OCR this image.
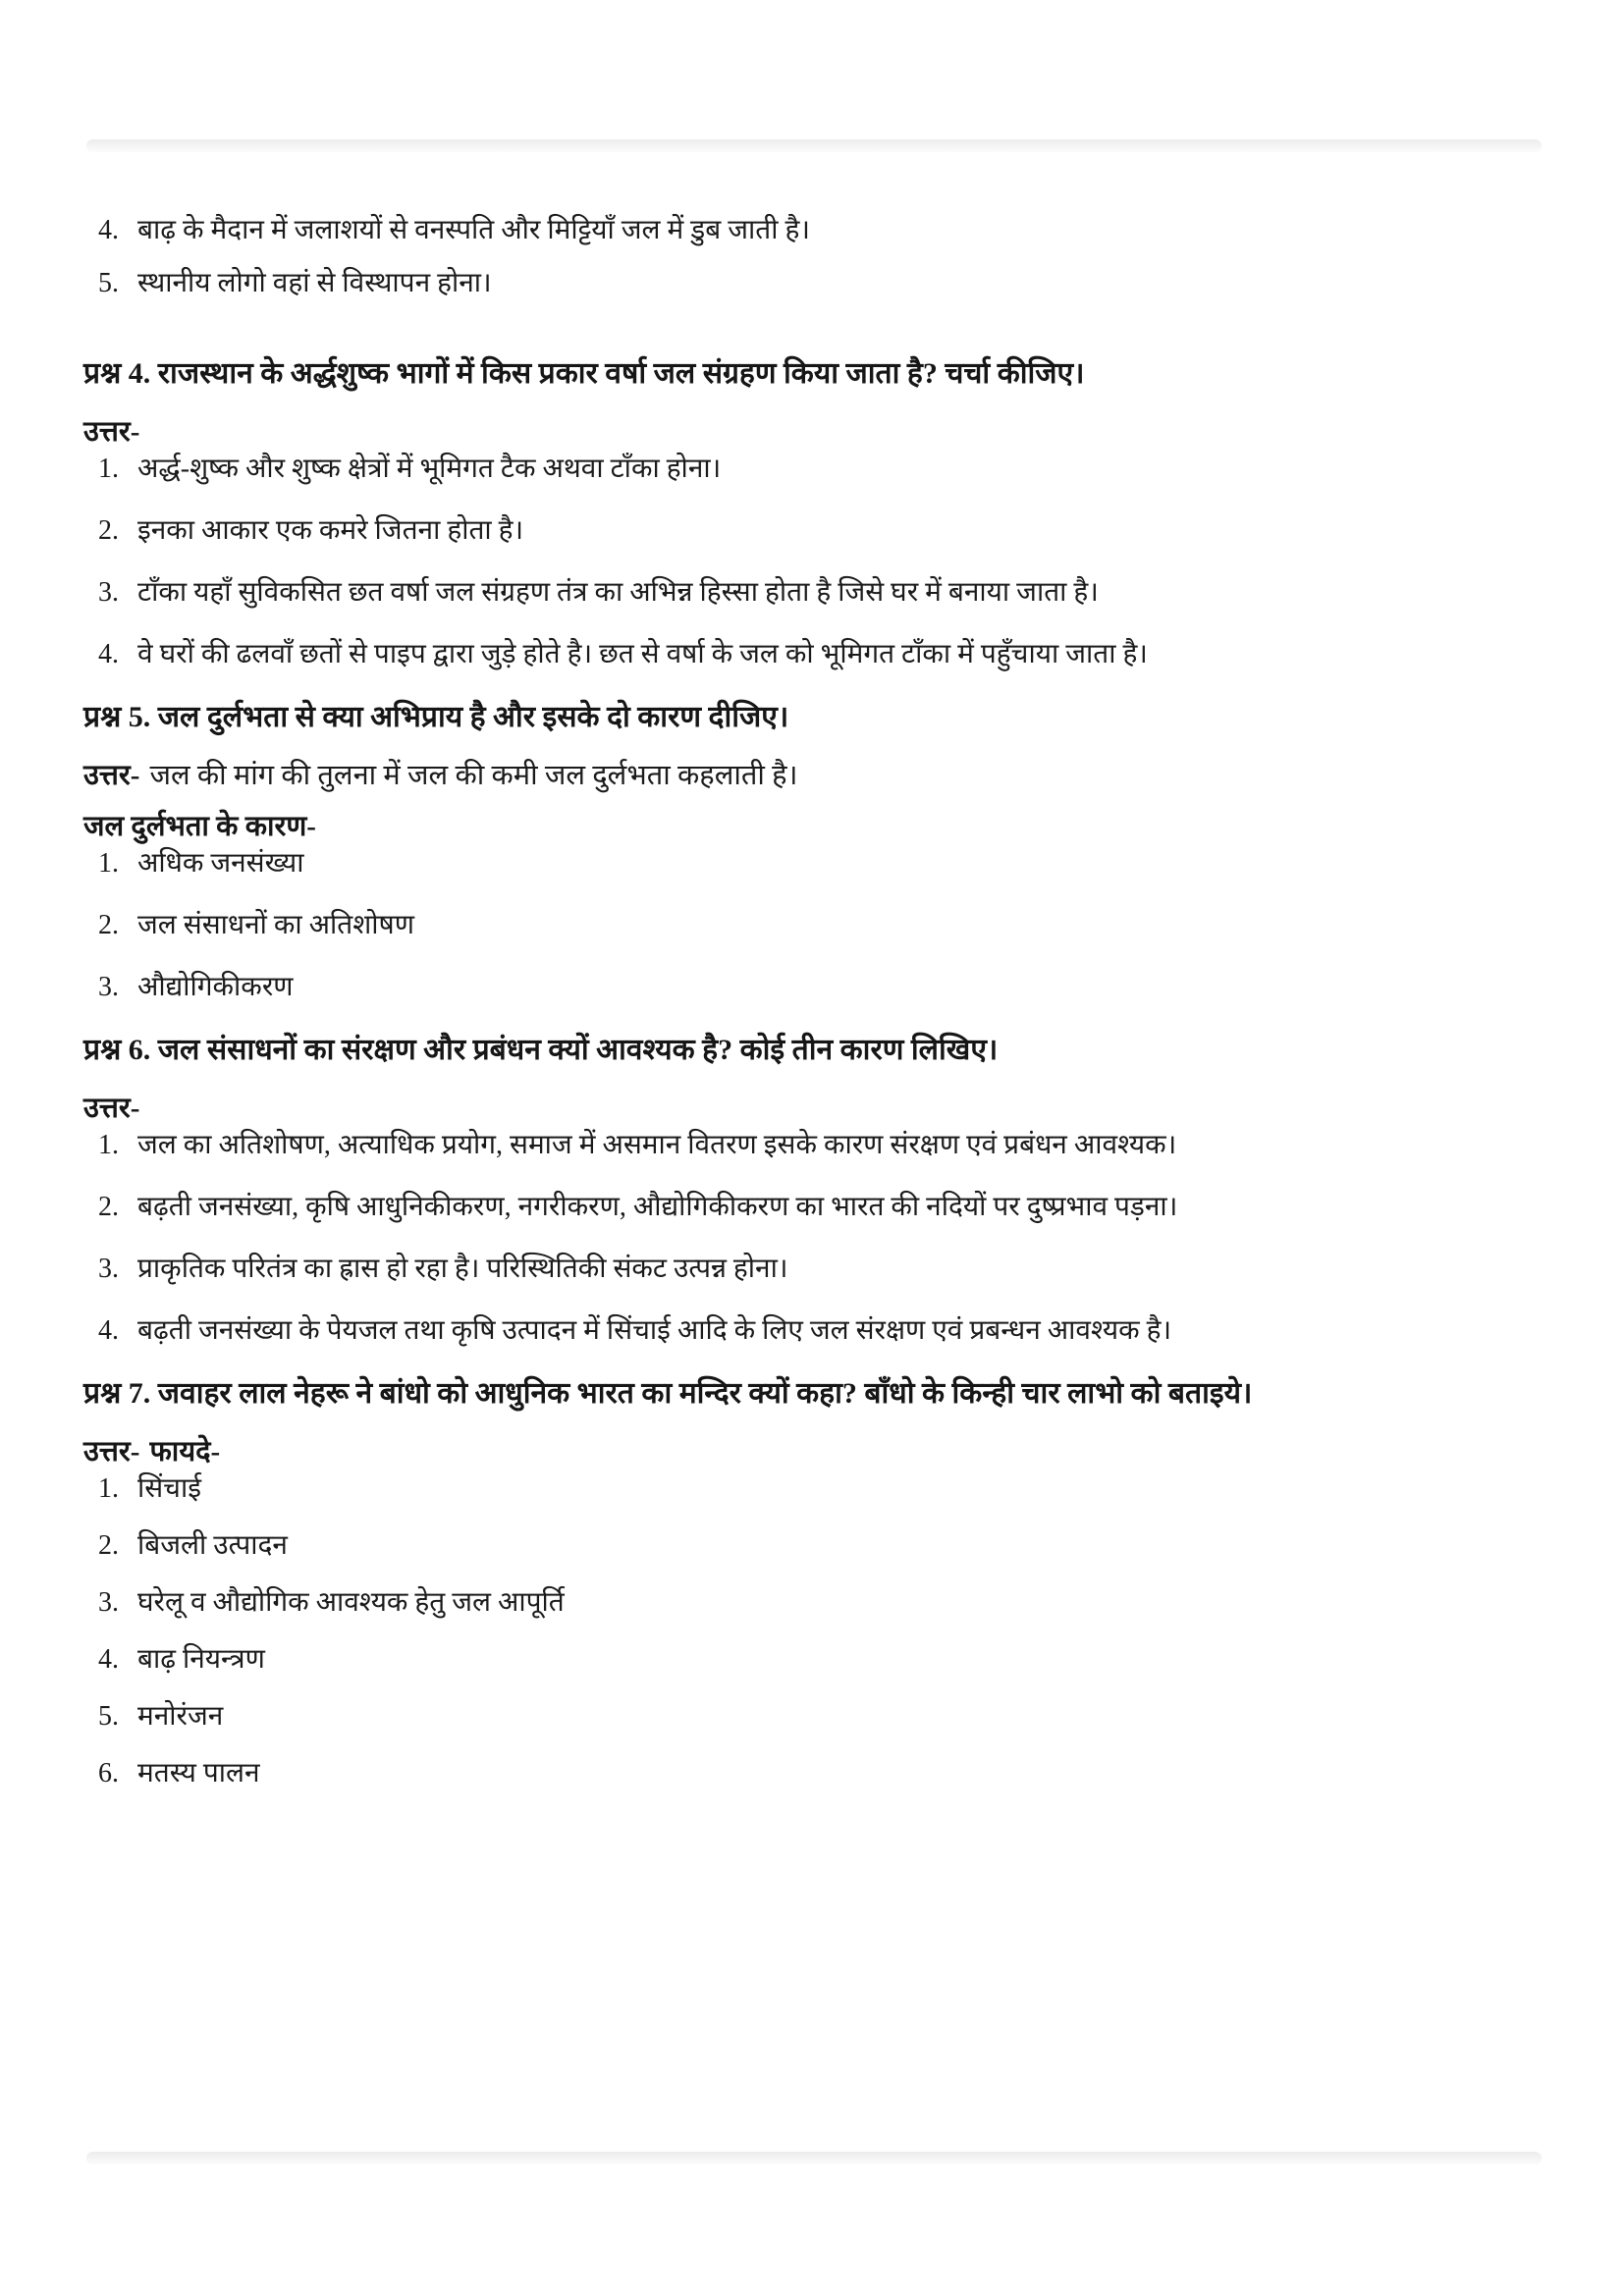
4. बाढ़ के मैदान में जलाशयों से वनस्पति और मिट्टियाँ जल में डुब जाती है।
5. स्थानीय लोगो वहां से विस्थापन होना।
प्रश्न 4. राजस्थान के अर्द्धशुष्क भागों में किस प्रकार वर्षा जल संग्रहण किया जाता है? चर्चा कीजिए।

उत्तर-

1. अर्द्ध-शुष्क और शुष्क क्षेत्रों में भूमिगत टैक अथवा टाँका होना।
2. इनका आकार एक कमरे जितना होता है।
3. टाँका यहाँ सुविकसित छत वर्षा जल संग्रहण तंत्र का अभिन्न हिस्सा होता है जिसे घर में बनाया जाता है।
4. वे घरों की ढलवाँ छतों से पाइप द्वारा जुड़े होते है। छत से वर्षा के जल को भूमिगत टाँका में पहुँचाया जाता है।
प्रश्न 5. जल दुर्लभता से क्या अभिप्राय है और इसके दो कारण दीजिए।

उत्तर- जल की मांग की तुलना में जल की कमी जल दुर्लभता कहलाती है।

जल दुर्लभता के कारण-

1. अधिक जनसंख्या
2. जल संसाधनों का अतिशोषण
3. औद्योगिकीकरण
प्रश्न 6. जल संसाधनों का संरक्षण और प्रबंधन क्यों आवश्यक है? कोई तीन कारण लिखिए।

उत्तर-

1. जल का अतिशोषण, अत्याधिक प्रयोग, समाज में असमान वितरण इसके कारण संरक्षण एवं प्रबंधन आवश्यक।
2. बढ़ती जनसंख्या, कृषि आधुनिकीकरण, नगरीकरण, औद्योगिकीकरण का भारत की नदियों पर दुष्प्रभाव पड़ना।
3. प्राकृतिक परितंत्र का ह्रास हो रहा है। परिस्थितिकी संकट उत्पन्न होना।
4. बढ़ती जनसंख्या के पेयजल तथा कृषि उत्पादन में सिंचाई आदि के लिए जल संरक्षण एवं प्रबन्धन आवश्यक है।
प्रश्न 7. जवाहर लाल नेहरू ने बांधो को आधुनिक भारत का मन्दिर क्यों कहा? बाँधो के किन्ही चार लाभो को बताइये।

उत्तर- फायदे-

1. सिंचाई
2. बिजली उत्पादन
3. घरेलू व औद्योगिक आवश्यक हेतु जल आपूर्ति
4. बाढ़ नियन्त्रण
5. मनोरंजन
6. मतस्य पालन
